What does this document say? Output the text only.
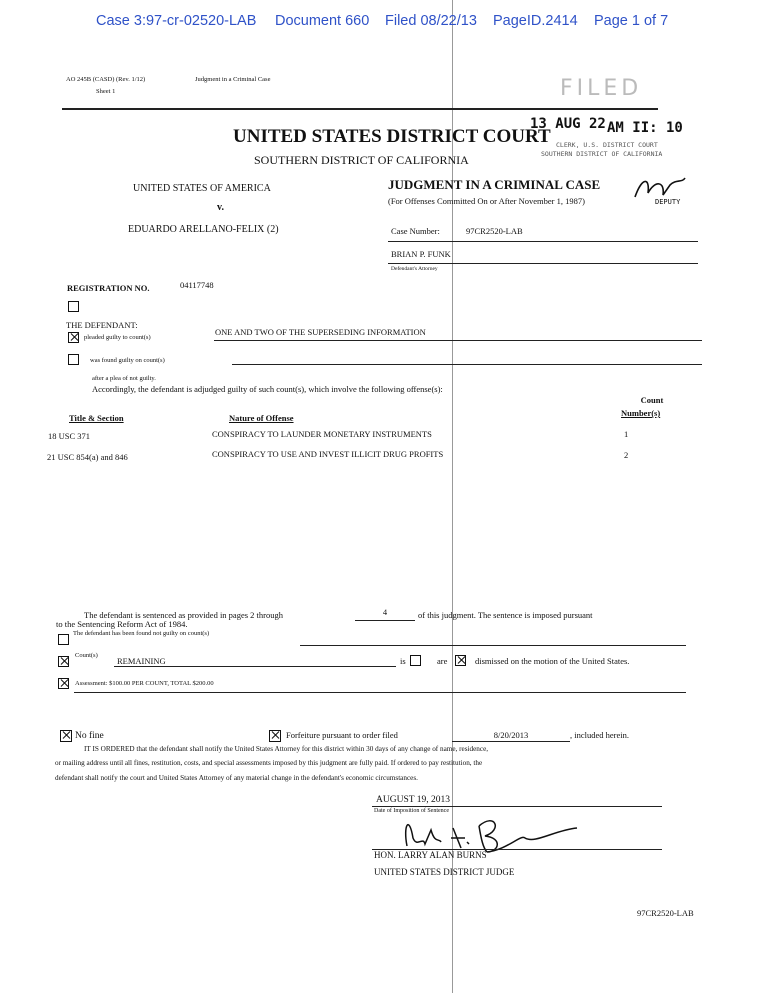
Case 3:97-cr-02520-LAB Document 660 Filed 08/22/13 PageID.2414 Page 1 of 7
AO 245B (CASD) (Rev. 1/12)	Judgment in a Criminal Case
Sheet 1	FILED
13 AUG 22 AM II: 10
CLERK, U.S. DISTRICT COURT
SOUTHERN DISTRICT OF CALIFORNIA
DEPUTY
UNITED STATES DISTRICT COURT
SOUTHERN DISTRICT OF CALIFORNIA
UNITED STATES OF AMERICA
v.
EDUARDO ARELLANO-FELIX (2)
JUDGMENT IN A CRIMINAL CASE
(For Offenses Committed On or After November 1, 1987)
Case Number:	97CR2520-LAB
BRIAN P. FUNK
Defendant's Attorney
REGISTRATION NO.	04117748
THE DEFENDANT:
pleaded guilty to count(s)
ONE AND TWO OF THE SUPERSEDING INFORMATION
was found guilty on count(s)
after a plea of not guilty.
Accordingly, the defendant is adjudged guilty of such count(s), which involve the following offense(s):
Count
Number(s)
Title & Section	Nature of Offense
18 USC 371	CONSPIRACY TO LAUNDER MONETARY INSTRUMENTS	1
21 USC 854(a) and 846	CONSPIRACY TO USE AND INVEST ILLICIT DRUG PROFITS	2
The defendant is sentenced as provided in pages 2 through	4	of this judgment. The sentence is imposed pursuant
to the Sentencing Reform Act of 1984.
The defendant has been found not guilty on count(s)
Count(s)
REMAINING	is	are	dismissed on the motion of the United States.
Assessment: $100.00 PER COUNT, TOTAL $200.00
No fine	Forfeiture pursuant to order filed	8/20/2013	, included herein.
IT IS ORDERED that the defendant shall notify the United States Attorney for this district within 30 days of any change of name, residence,
or mailing address until all fines, restitution, costs, and special assessments imposed by this judgment are fully paid. If ordered to pay restitution, the
defendant shall notify the court and United States Attorney of any material change in the defendant's economic circumstances.
AUGUST 19, 2013
Date of Imposition of Sentence
HON. LARRY ALAN BURNS
UNITED STATES DISTRICT JUDGE
97CR2520-LAB
